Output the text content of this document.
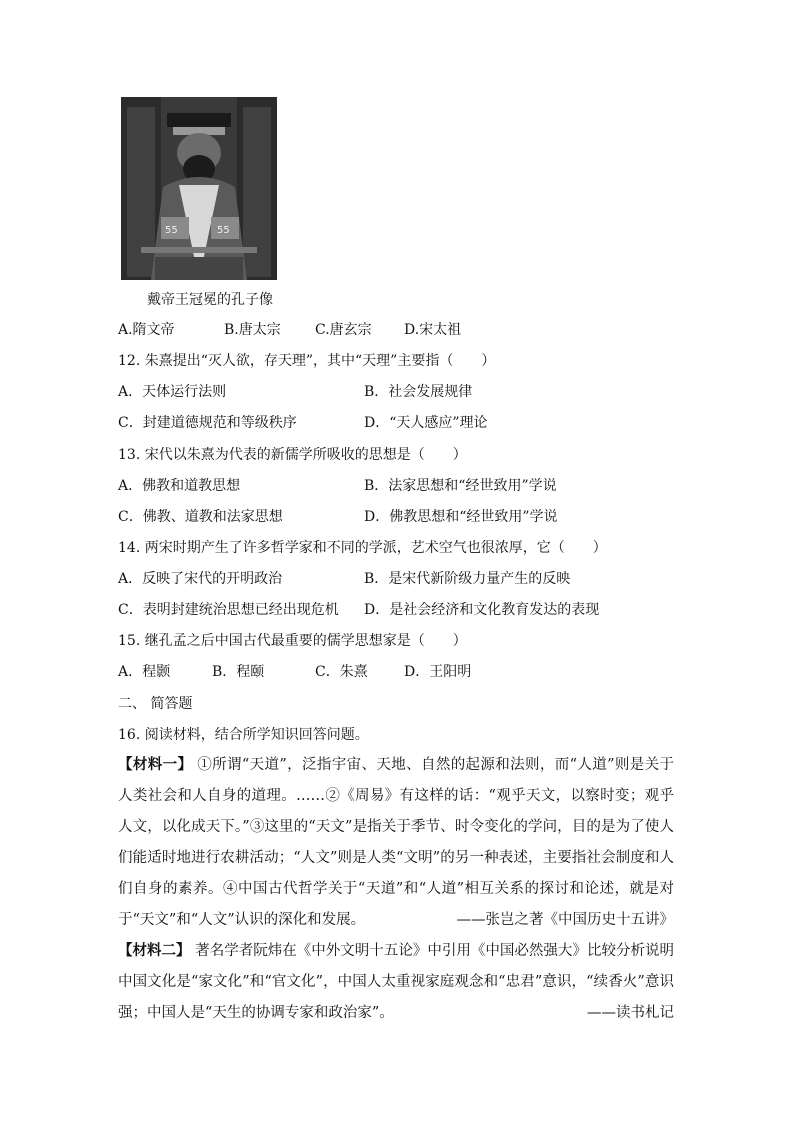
55	55
戴帝王冠冕的孔子像
A.隋文帝	B.唐太宗 C.唐玄宗 D.宋太祖
12. 朱熹提出“灭人欲，存天理”，其中“天理”主要指（　　）
A．天体运行法则	B．社会发展规律
C．封建道德规范和等级秩序	D．“天人感应”理论
13. 宋代以朱熹为代表的新儒学所吸收的思想是（　　）
A．佛教和道教思想	B．法家思想和“经世致用”学说
C．佛教、道教和法家思想	D．佛教思想和“经世致用”学说
14. 两宋时期产生了许多哲学家和不同的学派，艺术空气也很浓厚，它（　　）
A．反映了宋代的开明政治	B．是宋代新阶级力量产生的反映
C．表明封建统治思想已经出现危机 D．是社会经济和文化教育发达的表现
15. 继孔孟之后中国古代最重要的儒学思想家是（　　）
A．程颢	B．程颐	C．朱熹	D．王阳明
二、 简答题
16. 阅读材料，结合所学知识回答问题。
【材料一】 ①所谓“天道”，泛指宇宙、天地、自然的起源和法则，而“人道”则是关于人类社会和人自身的道理。……②《周易》有这样的话：“观乎天文，以察时变；观乎人文，以化成天下。”③这里的“天文”是指关于季节、时令变化的学问，目的是为了使人们能适时地进行农耕活动；“人文”则是人类“文明”的另一种表述，主要指社会制度和人们自身的素养。④中国古代哲学关于“天道”和“人道”相互关系的探讨和论述，就是对于“天文”和“人文”认识的深化和发展。	——张岂之著《中国历史十五讲》
【材料二】 著名学者阮炜在《中外文明十五论》中引用《中国必然强大》比较分析说明中国文化是“家文化”和“官文化”，中国人太重视家庭观念和“忠君”意识，“续香火”意识强；中国人是“天生的协调专家和政治家”。	——读书札记
